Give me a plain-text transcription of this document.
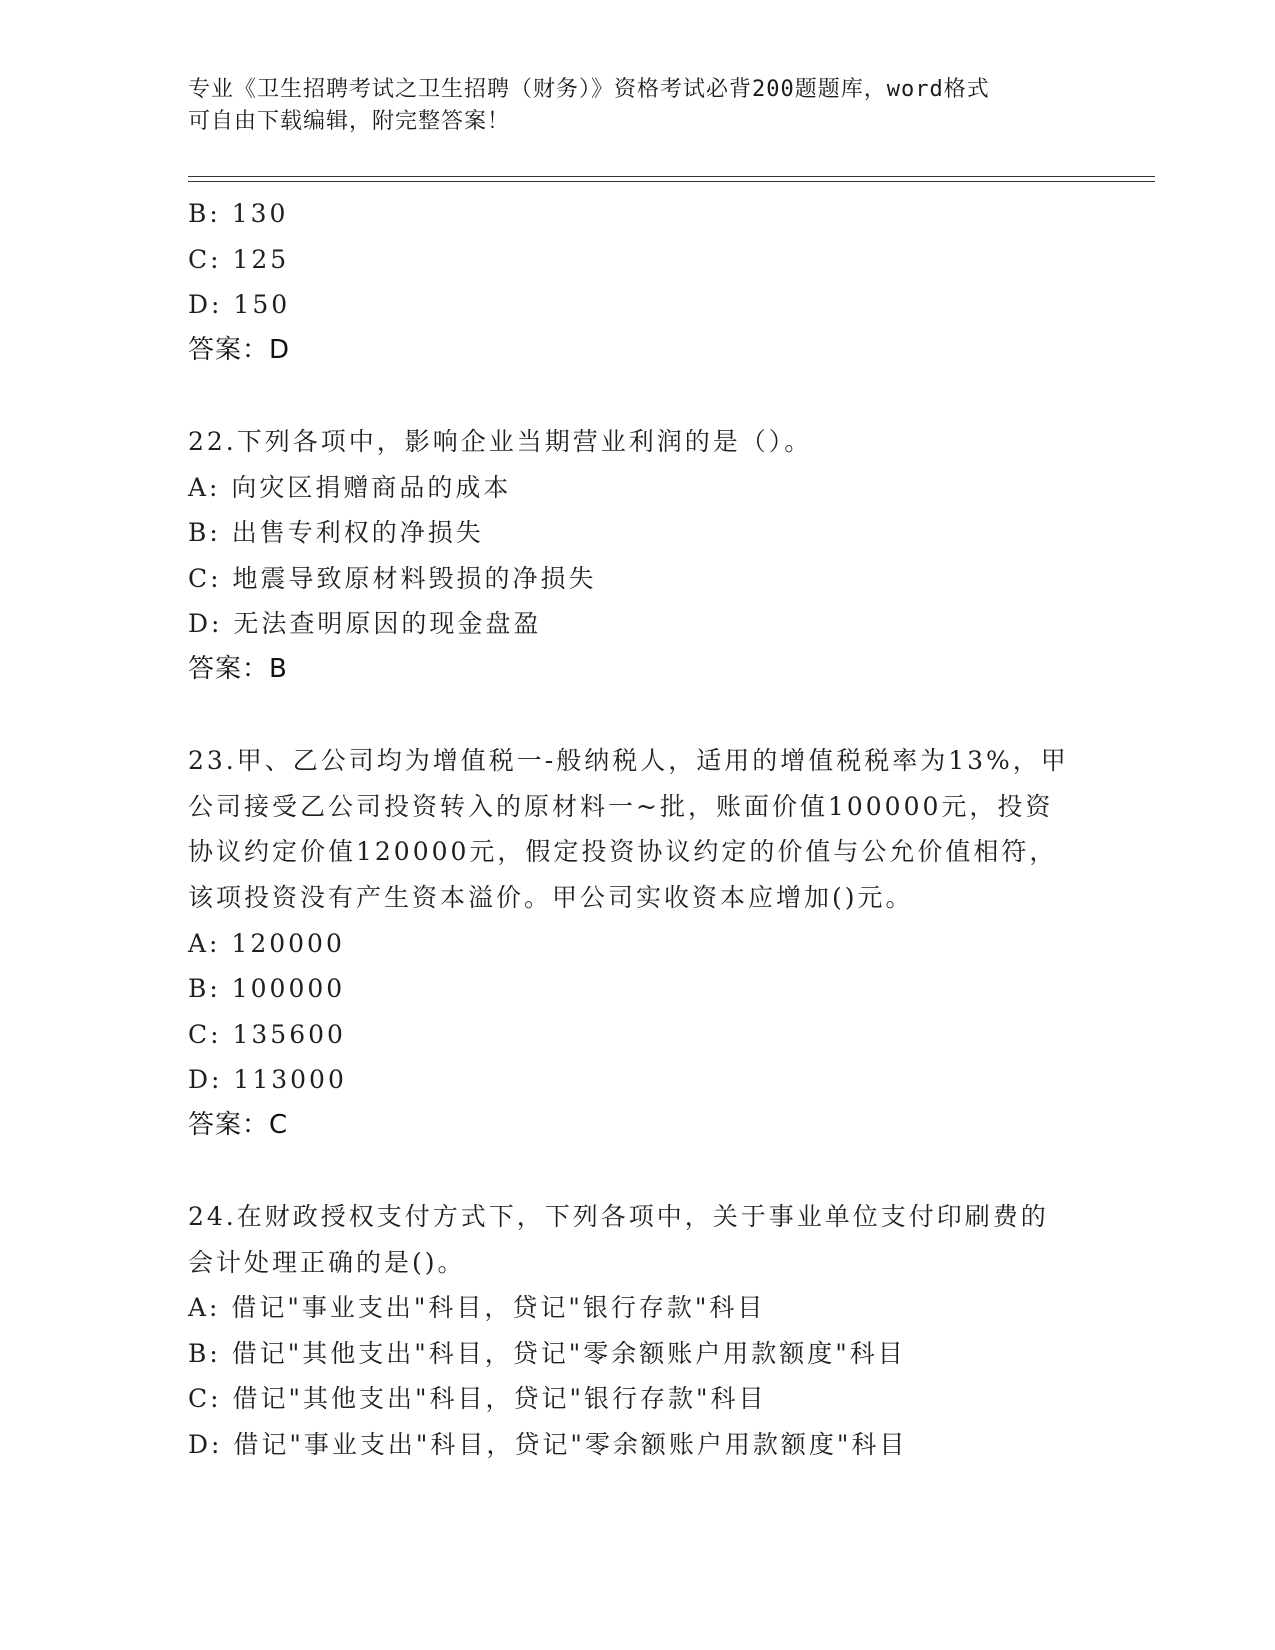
专业《卫生招聘考试之卫生招聘（财务）》资格考试必背200题题库，word格式
可自由下载编辑，附完整答案！
B: 130
C: 125
D: 150
答案：D
22.下列各项中，影响企业当期营业利润的是（）。
A: 向灾区捐赠商品的成本
B: 出售专利权的净损失
C: 地震导致原材料毁损的净损失
D: 无法查明原因的现金盘盈
答案：B
23.甲、乙公司均为增值税一-般纳税人，适用的增值税税率为13%，甲
公司接受乙公司投资转入的原材料一~批，账面价值100000元，投资
协议约定价值120000元，假定投资协议约定的价值与公允价值相符，
该项投资没有产生资本溢价。甲公司实收资本应增加()元。
A: 120000
B: 100000
C: 135600
D: 113000
答案：C
24.在财政授权支付方式下，下列各项中，关于事业单位支付印刷费的
会计处理正确的是()。
A: 借记"事业支出"科目，贷记"银行存款"科目
B: 借记"其他支出"科目，贷记"零余额账户用款额度"科目
C: 借记"其他支出"科目，贷记"银行存款"科目
D: 借记"事业支出"科目，贷记"零余额账户用款额度"科目
